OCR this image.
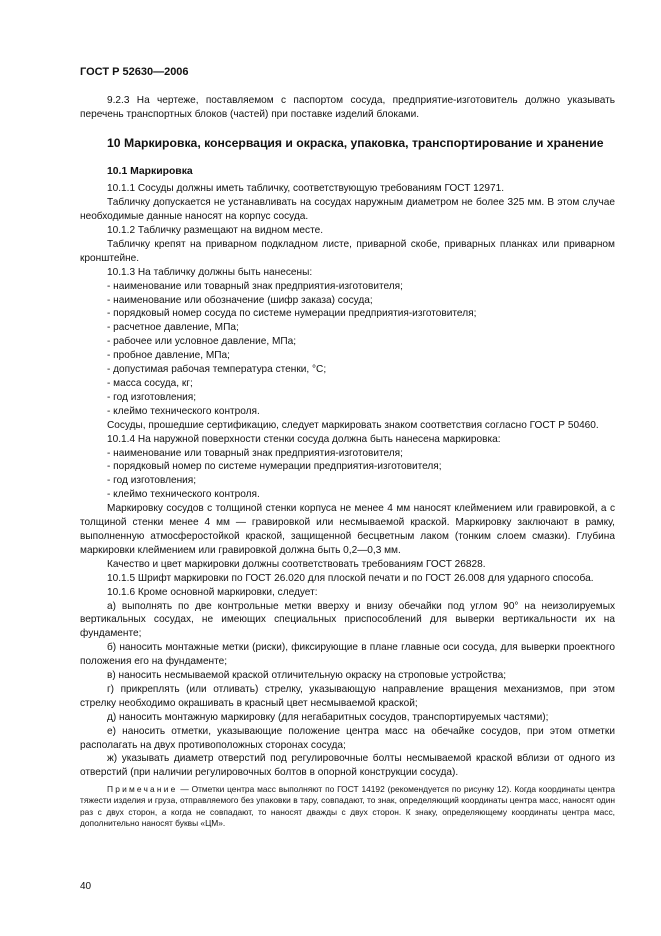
ГОСТ Р 52630—2006

9.2.3 На чертеже, поставляемом с паспортом сосуда, предприятие-изготовитель должно указывать перечень транспортных блоков (частей) при поставке изделий блоками.

10 Маркировка, консервация и окраска, упаковка, транспортирование и хранение
10.1 Маркировка

10.1.1 Сосуды должны иметь табличку, соответствующую требованиям ГОСТ 12971.

Табличку допускается не устанавливать на сосудах наружным диаметром не более 325 мм. В этом случае необходимые данные наносят на корпус сосуда.

10.1.2 Табличку размещают на видном месте.

Табличку крепят на приварном подкладном листе, приварной скобе, приварных планках или приварном кронштейне.

10.1.3 На табличку должны быть нанесены:

- наименование или товарный знак предприятия-изготовителя;

- наименование или обозначение (шифр заказа) сосуда;

- порядковый номер сосуда по системе нумерации предприятия-изготовителя;

- расчетное давление, МПа;

- рабочее или условное давление, МПа;

- пробное давление, МПа;

- допустимая рабочая температура стенки, °С;

- масса сосуда, кг;

- год изготовления;

- клеймо технического контроля.

Сосуды, прошедшие сертификацию, следует маркировать знаком соответствия согласно ГОСТ Р 50460.

10.1.4 На наружной поверхности стенки сосуда должна быть нанесена маркировка:

- наименование или товарный знак предприятия-изготовителя;

- порядковый номер по системе нумерации предприятия-изготовителя;

- год изготовления;

- клеймо технического контроля.

Маркировку сосудов с толщиной стенки корпуса не менее 4 мм наносят клеймением или гравировкой, а с толщиной стенки менее 4 мм — гравировкой или несмываемой краской. Маркировку заключают в рамку, выполненную атмосферостойкой краской, защищенной бесцветным лаком (тонким слоем смазки). Глубина маркировки клеймением или гравировкой должна быть 0,2—0,3 мм.

Качество и цвет маркировки должны соответствовать требованиям ГОСТ 26828.

10.1.5 Шрифт маркировки по ГОСТ 26.020 для плоской печати и по ГОСТ 26.008 для ударного способа.

10.1.6 Кроме основной маркировки, следует:

а) выполнять по две контрольные метки вверху и внизу обечайки под углом 90° на неизолируемых вертикальных сосудах, не имеющих специальных приспособлений для выверки вертикальности их на фундаменте;

б) наносить монтажные метки (риски), фиксирующие в плане главные оси сосуда, для выверки проектного положения его на фундаменте;

в) наносить несмываемой краской отличительную окраску на строповые устройства;

г) прикреплять (или отливать) стрелку, указывающую направление вращения механизмов, при этом стрелку необходимо окрашивать в красный цвет несмываемой краской;

д) наносить монтажную маркировку (для негабаритных сосудов, транспортируемых частями);

е) наносить отметки, указывающие положение центра масс на обечайке сосудов, при этом отметки располагать на двух противоположных сторонах сосуда;

ж) указывать диаметр отверстий под регулировочные болты несмываемой краской вблизи от одного из отверстий (при наличии регулировочных болтов в опорной конструкции сосуда).

Примечание — Отметки центра масс выполняют по ГОСТ 14192 (рекомендуется по рисунку 12). Когда координаты центра тяжести изделия и груза, отправляемого без упаковки в тару, совпадают, то знак, определяющий координаты центра масс, наносят один раз с двух сторон, а когда не совпадают, то наносят дважды с двух сторон. К знаку, определяющему координаты центра масс, дополнительно наносят буквы «ЦМ».

40
